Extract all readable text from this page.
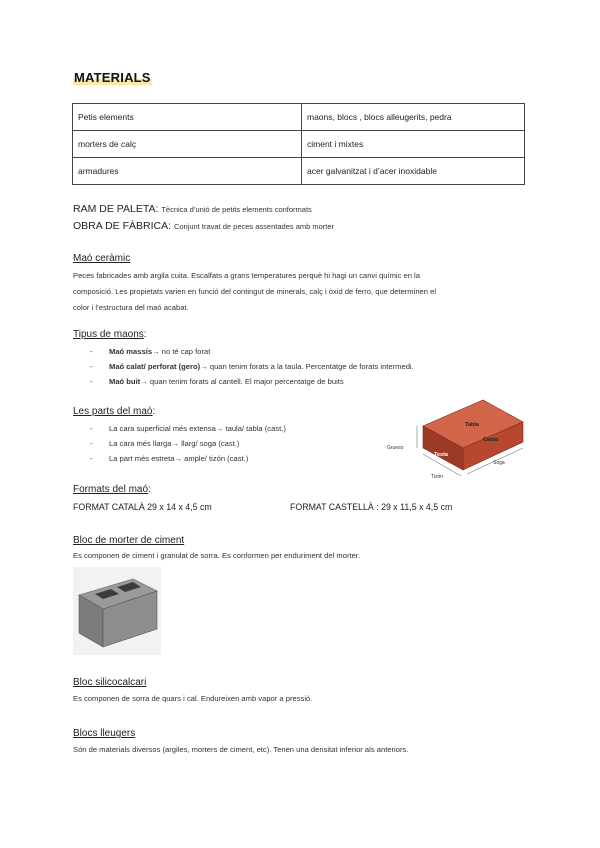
MATERIALS
Petis elements	maons, blocs , blocs alleugerits, pedra
morters de calç	ciment i mixtes
armadures	acer galvanitzat i d’acer inoxidable
RAM DE PALETA: Tècnica d’unió de petits elements conformats
OBRA DE FÀBRICA: Conjunt travat de peces assentades amb morter
Maó ceràmic
Peces fabricades amb argila cuita. Escalfats a grans temperatures perquè hi hagi un canvi químic en la
composició. Les propietats varien en funció del contingut de minerals, calç i òxid de ferro, que determinen el
color i l’estructura del maó acabat.
Tipus de maons:
- Maó massís→ no té cap forat
- Maó calat/ perforat (gero)→ quan tenim forats a la taula. Percentatge de forats intermedi.
- Maó buit→ quan tenim forats al cantell. El major percentatge de buits
Les parts del maó:
- La cara superficial més extensa→ taula/ tabla (cast.)
- La cara més llarga→ llarg/ soga (cast.)
- La part més estreta→ ample/ tizón (cast.)
Tabla
Canto
Testa
Grueso
Soga
Tizón
Formats del maó:
FORMAT CATALÀ 29 x 14 x 4,5 cm	FORMAT CASTELLÀ : 29 x 11,5 x 4,5 cm
Bloc de morter de ciment
Es componen de ciment i granulat de sorra. Es conformen per enduriment del morter.
Bloc silicocalcari
Es componen de sorra de quars i cal. Endureixen amb vapor a pressió.
Blocs lleugers
Són de materials diversos (argiles, morters de ciment, etc). Tenen una densitat inferior als anteriors.
